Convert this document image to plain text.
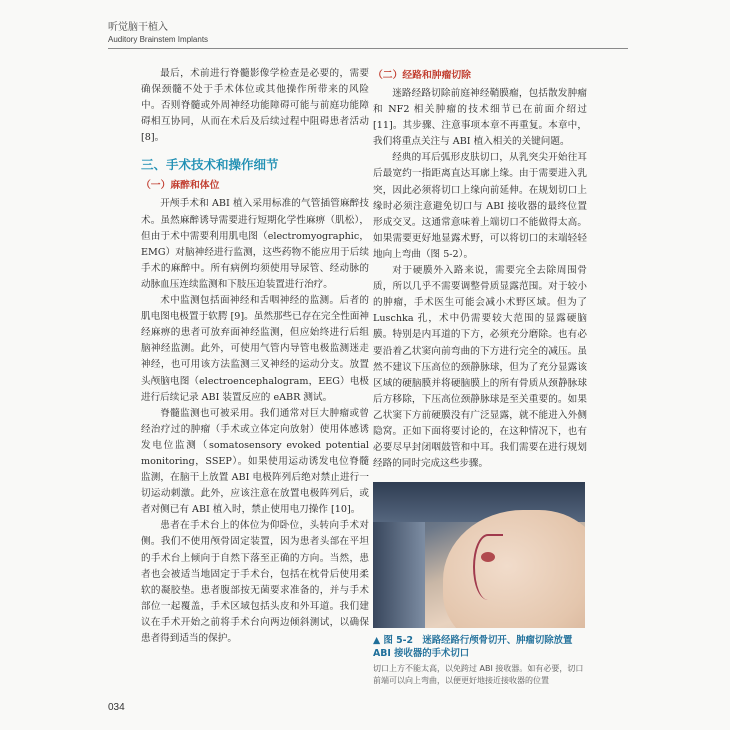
听觉脑干植入
Auditory Brainstem Implants

最后，术前进行脊髓影像学检查是必要的，需要确保颈髓不处于手术体位或其他操作所带来的风险中。否则脊髓或外周神经功能障碍可能与前庭功能障碍相互协同，从而在术后及后续过程中阻碍患者活动 [8]。

三、手术技术和操作细节
（一）麻醉和体位

开颅手术和 ABI 植入采用标准的气管插管麻醉技术。虽然麻醉诱导需要进行短期化学性麻痹（肌松），但由于术中需要利用肌电图（electromyographic，EMG）对脑神经进行监测，这些药物不能应用于后续手术的麻醉中。所有病例均须使用导尿管、经动脉的动脉血压连续监测和下肢压迫装置进行治疗。

术中监测包括面神经和舌咽神经的监测。后者的肌电图电极置于软腭 [9]。虽然那些已存在完全性面神经麻痹的患者可放弃面神经监测，但应始终进行后组脑神经监测。此外，可使用气管内导管电极监测迷走神经，也可用该方法监测三叉神经的运动分支。放置头颅脑电图（electroencephalogram，EEG）电极进行后续记录 ABI 装置反应的 eABR 测试。

脊髓监测也可被采用。我们通常对巨大肿瘤或曾经治疗过的肿瘤（手术或立体定向放射）使用体感诱发电位监测（somatosensory evoked potential monitoring，SSEP）。如果使用运动诱发电位脊髓监测，在脑干上放置 ABI 电极阵列后绝对禁止进行一切运动刺激。此外，应该注意在放置电极阵列后，或者对侧已有 ABI 植入时，禁止使用电刀操作 [10]。

患者在手术台上的体位为仰卧位，头转向手术对侧。我们不使用颅骨固定装置，因为患者头部在平坦的手术台上倾向于自然下落至正确的方向。当然，患者也会被适当地固定于手术台，包括在枕骨后使用柔软的凝胶垫。患者腹部按无菌要求准备的，并与手术部位一起覆盖，手术区域包括头皮和外耳道。我们建议在手术开始之前将手术台向两边倾斜测试，以确保患者得到适当的保护。

（二）经路和肿瘤切除

迷路经路切除前庭神经鞘膜瘤，包括散发肿瘤和 NF2 相关肿瘤的技术细节已在前面介绍过 [11]。其步骤、注意事项本章不再重复。本章中，我们将重点关注与 ABI 植入相关的关键问题。

经典的耳后弧形皮肤切口，从乳突尖开始往耳后最宽约一指距离直达耳廓上缘。由于需要进入乳突，因此必须将切口上缘向前延伸。在规划切口上缘时必须注意避免切口与 ABI 接收器的最终位置形成交叉。这通常意味着上端切口不能做得太高。如果需要更好地显露术野，可以将切口的末端轻轻地向上弯曲（图 5-2）。

对于硬膜外入路来说，需要完全去除周围骨质，所以几乎不需要调整骨质显露范围。对于较小的肿瘤，手术医生可能会减小术野区域。但为了 Luschka 孔，术中仍需要较大范围的显露硬脑膜。特别是内耳道的下方，必须充分磨除。也有必要沿着乙状窦向前弯曲的下方进行完全的减压。虽然不建议下压高位的颈静脉球，但为了充分显露该区域的硬脑膜并将硬脑膜上的所有骨质从颈静脉球后方移除，下压高位颈静脉球是至关重要的。如果乙状窦下方前硬膜没有广泛显露，就不能进入外侧隐窝。正如下面将要讨论的，在这种情况下，也有必要尽早封闭咽鼓管和中耳。我们需要在进行规划经路的同时完成这些步骤。

▲ 图 5-2　迷路经路行颅骨切开、肿瘤切除放置 ABI 接收器的手术切口
切口上方不能太高，以免跨过 ABI 接收器。如有必要，切口前端可以向上弯曲，以便更好地接近接收器的位置
034
